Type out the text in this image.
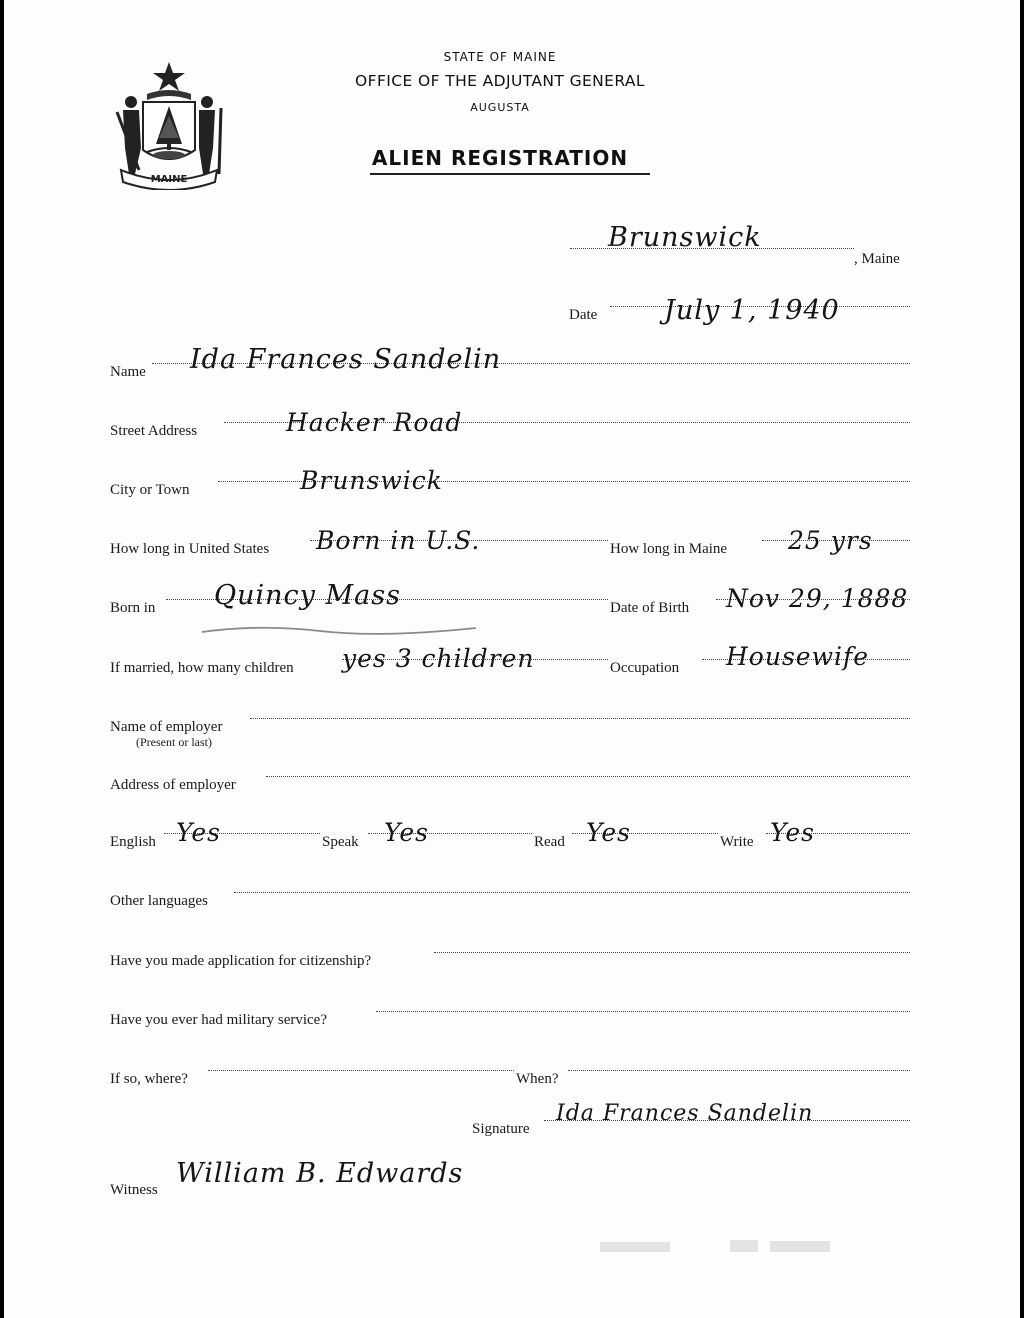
MAINE
STATE OF MAINE
OFFICE OF THE ADJUTANT GENERAL
AUGUSTA
ALIEN REGISTRATION
Brunswick
, Maine
Date July 1, 1940
Name Ida Frances Sandelin
Street Address	Hacker Road
City or Town	Brunswick
How long in United States Born in U.S.	How long in Maine 25 yrs
Born in Quincy Mass	Date of Birth Nov 29, 1888
If married, how many children yes 3 children	Occupation Housewife
Name of employer
(Present or last)
Address of employer
English Yes	Speak Yes	Read Yes	Write Yes
Other languages
Have you made application for citizenship?
Have you ever had military service?
If so, where?	When?
Signature
Ida Frances Sandelin
Witness
William B. Edwards
